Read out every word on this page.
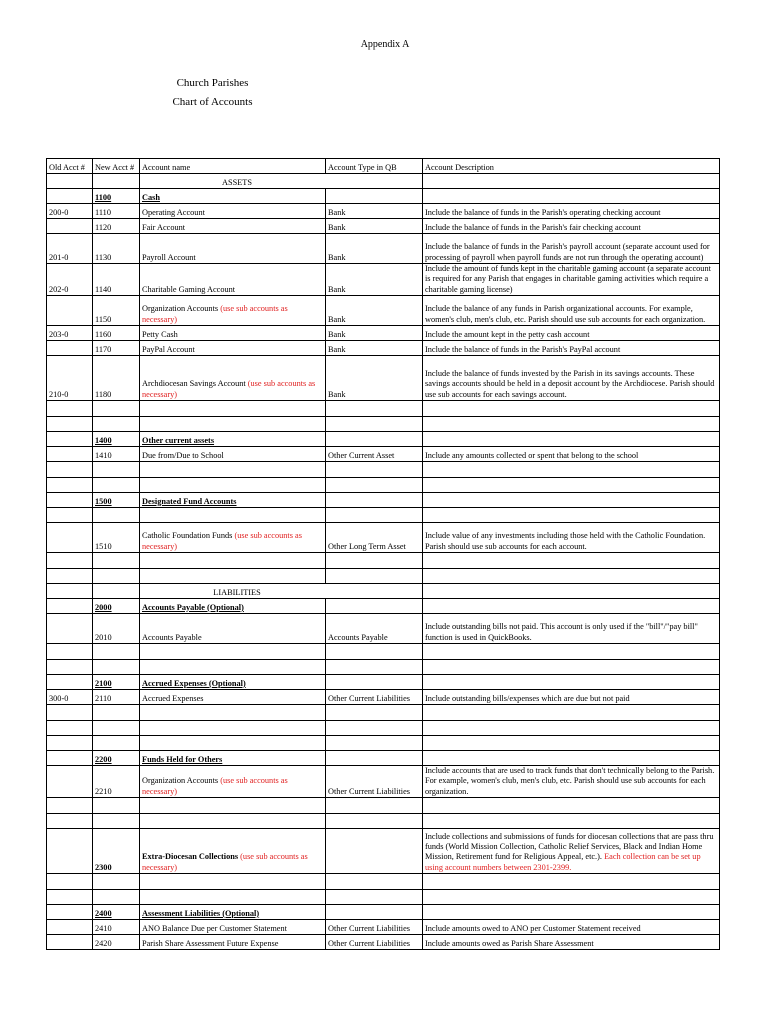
Appendix A
Church Parishes
Chart of Accounts
Old Acct #	New Acct #	Account name	Account Type in QB	Account Description
		ASSETS		
	1100	Cash		
200-0	1110	Operating Account	Bank	Include the balance of funds in the Parish's operating checking account
	1120	Fair Account	Bank	Include the balance of funds in the Parish's fair checking account
201-0	1130	Payroll Account	Bank	Include the balance of funds in the Parish's payroll account (separate account used for processing of payroll when payroll funds are not run through the operating account)
202-0	1140	Charitable Gaming Account	Bank	Include the amount of funds kept in the charitable gaming account (a separate account is required for any Parish that engages in charitable gaming activities which require a charitable gaming license)
	1150	Organization Accounts (use sub accounts as necessary)	Bank	Include the balance of any funds in Parish organizational accounts. For example, women's club, men's club, etc. Parish should use sub accounts for each organization.
203-0	1160	Petty Cash	Bank	Include the amount kept in the petty cash account
	1170	PayPal Account	Bank	Include the balance of funds in the Parish's PayPal account
210-0	1180	Archdiocesan Savings Account (use sub accounts as necessary)	Bank	Include the balance of funds invested by the Parish in its savings accounts. These savings accounts should be held in a deposit account by the Archdiocese. Parish should use sub accounts for each savings account.

	1400	Other current assets		
	1410	Due from/Due to School	Other Current Asset	Include any amounts collected or spent that belong to the school

	1500	Designated Fund Accounts		

	1510	Catholic Foundation Funds (use sub accounts as necessary)	Other Long Term Asset	Include value of any investments including those held with the Catholic Foundation. Parish should use sub accounts for each account.

		LIABILITIES		
	2000	Accounts Payable (Optional)		
	2010	Accounts Payable	Accounts Payable	Include outstanding bills not paid. This account is only used if the "bill"/"pay bill" function is used in QuickBooks.

	2100	Accrued Expenses (Optional)		
300-0	2110	Accrued Expenses	Other Current Liabilities	Include outstanding bills/expenses which are due but not paid

	2200	Funds Held for Others		
	2210	Organization Accounts (use sub accounts as necessary)	Other Current Liabilities	Include accounts that are used to track funds that don't technically belong to the Parish. For example, women's club, men's club, etc. Parish should use sub accounts for each organization.

	2300	Extra-Diocesan Collections (use sub accounts as necessary)		Include collections and submissions of funds for diocesan collections that are pass thru funds (World Mission Collection, Catholic Relief Services, Black and Indian Home Mission, Retirement fund for Religious Appeal, etc.). Each collection can be set up using account numbers between 2301-2399.

	2400	Assessment Liabilities (Optional)		
	2410	ANO Balance Due per Customer Statement	Other Current Liabilities	Include amounts owed to ANO per Customer Statement received
	2420	Parish Share Assessment Future Expense	Other Current Liabilities	Include amounts owed as Parish Share Assessment
